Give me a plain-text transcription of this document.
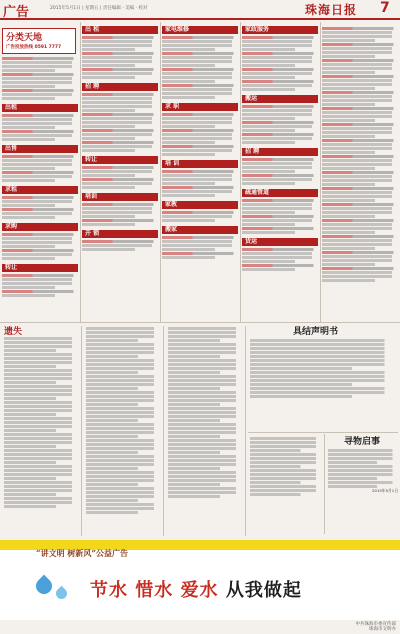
广告	2015年5月1日 | 星期五 | 责任编辑 · 美编 · 校对	珠海日报 7
分类天地
广告投放热线 0591 7777
出租
出售
求租
求购
转让
出 租
招 聘
转让
培训
开 锁
家电维修
求 职
培 训
家教
搬家
家政服务
搬运
招 聘
疏通管道
货运
遗失	具结声明书
寻物启事
2015年5月1日
“讲文明 树新风”公益广告
节水 惜水 爱水 从我做起
中共珠海市委宣传部
珠海市文明办
